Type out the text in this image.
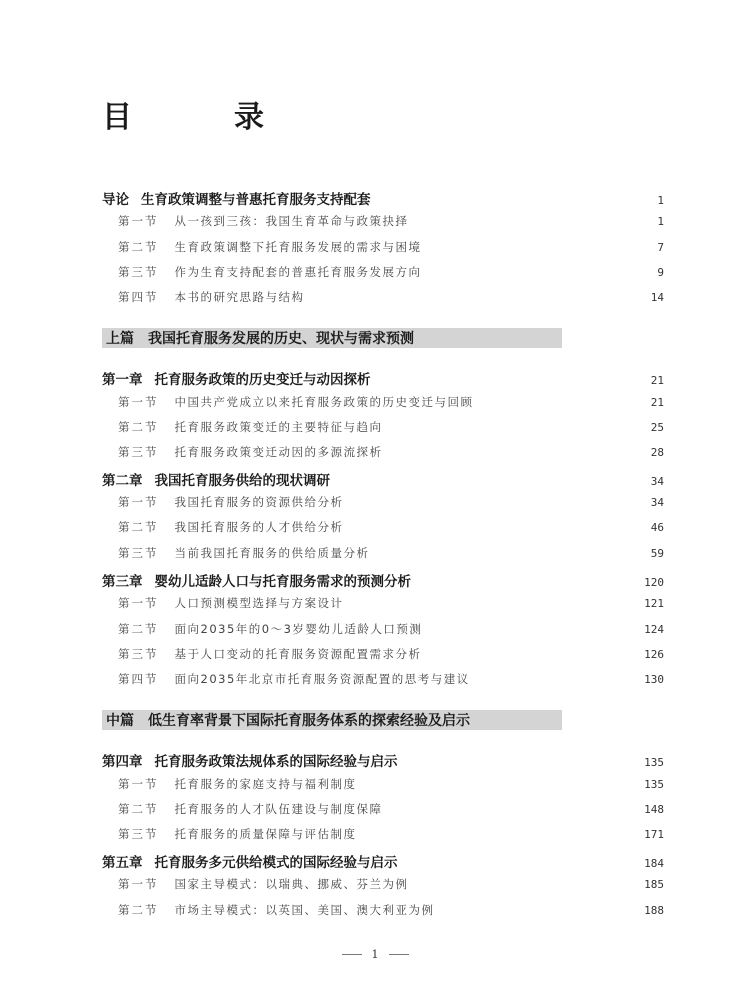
目　录
导论 生育政策调整与普惠托育服务支持配套	1
第一节 从一孩到三孩：我国生育革命与政策抉择	1
第二节 生育政策调整下托育服务发展的需求与困境	7
第三节 作为生育支持配套的普惠托育服务发展方向	9
第四节 本书的研究思路与结构	14
上篇 我国托育服务发展的历史、现状与需求预测
第一章 托育服务政策的历史变迁与动因探析	21
第一节 中国共产党成立以来托育服务政策的历史变迁与回顾	21
第二节 托育服务政策变迁的主要特征与趋向	25
第三节 托育服务政策变迁动因的多源流探析	28
第二章 我国托育服务供给的现状调研	34
第一节 我国托育服务的资源供给分析	34
第二节 我国托育服务的人才供给分析	46
第三节 当前我国托育服务的供给质量分析	59
第三章 婴幼儿适龄人口与托育服务需求的预测分析	120
第一节 人口预测模型选择与方案设计	121
第二节 面向2035年的0～3岁婴幼儿适龄人口预测	124
第三节 基于人口变动的托育服务资源配置需求分析	126
第四节 面向2035年北京市托育服务资源配置的思考与建议	130
中篇 低生育率背景下国际托育服务体系的探索经验及启示
第四章 托育服务政策法规体系的国际经验与启示	135
第一节 托育服务的家庭支持与福利制度	135
第二节 托育服务的人才队伍建设与制度保障	148
第三节 托育服务的质量保障与评估制度	171
第五章 托育服务多元供给模式的国际经验与启示	184
第一节 国家主导模式：以瑞典、挪威、芬兰为例	185
第二节 市场主导模式：以英国、美国、澳大利亚为例	188
1
